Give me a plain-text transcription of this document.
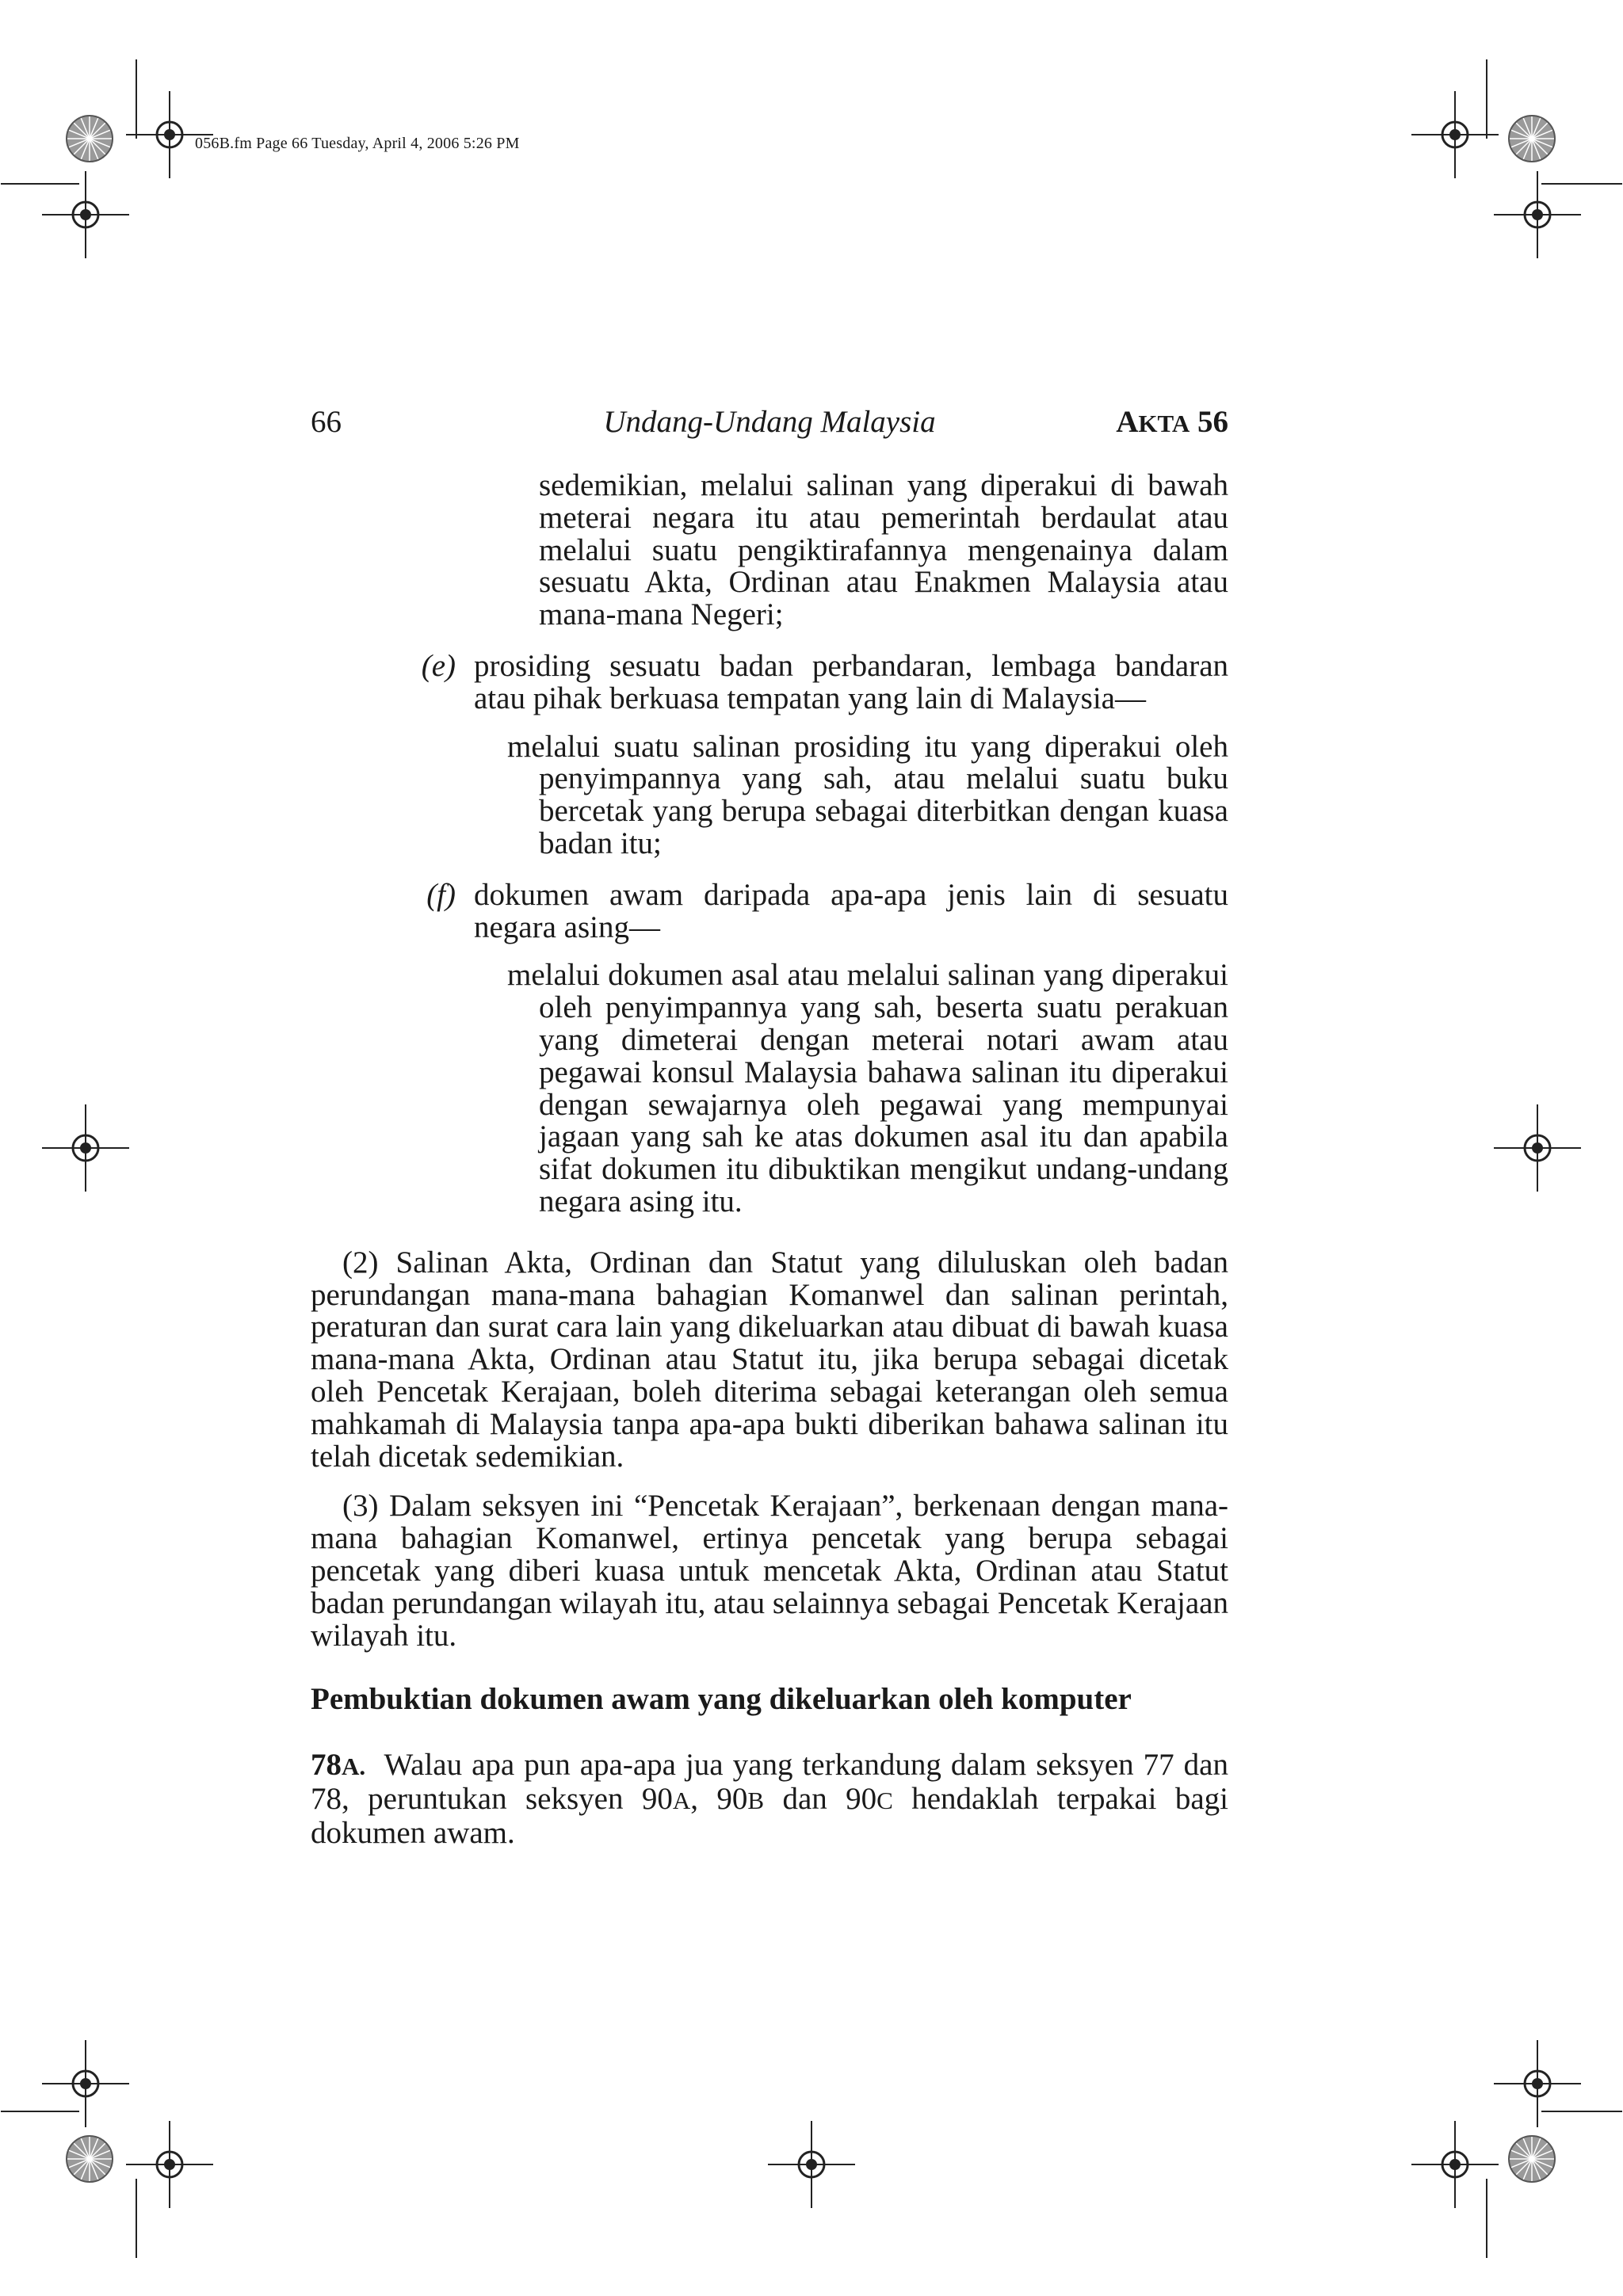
056B.fm Page 66 Tuesday, April 4, 2006 5:26 PM
66	Undang-Undang Malaysia	AKTA 56

sedemikian, melalui salinan yang diperakui di bawah meterai negara itu atau pemerintah berdaulat atau melalui suatu pengiktirafannya mengenainya dalam sesuatu Akta, Ordinan atau Enakmen Malaysia atau mana-mana Negeri;

(e) prosiding sesuatu badan perbandaran, lembaga bandaran atau pihak berkuasa tempatan yang lain di Malaysia—

melalui suatu salinan prosiding itu yang diperakui oleh penyimpannya yang sah, atau melalui suatu buku bercetak yang berupa sebagai diterbitkan dengan kuasa badan itu;

(f) dokumen awam daripada apa-apa jenis lain di sesuatu negara asing—

melalui dokumen asal atau melalui salinan yang diperakui oleh penyimpannya yang sah, beserta suatu perakuan yang dimeterai dengan meterai notari awam atau pegawai konsul Malaysia bahawa salinan itu diperakui dengan sewajarnya oleh pegawai yang mempunyai jagaan yang sah ke atas dokumen asal itu dan apabila sifat dokumen itu dibuktikan mengikut undang-undang negara asing itu.

(2) Salinan Akta, Ordinan dan Statut yang diluluskan oleh badan perundangan mana-mana bahagian Komanwel dan salinan perintah, peraturan dan surat cara lain yang dikeluarkan atau dibuat di bawah kuasa mana-mana Akta, Ordinan atau Statut itu, jika berupa sebagai dicetak oleh Pencetak Kerajaan, boleh diterima sebagai keterangan oleh semua mahkamah di Malaysia tanpa apa-apa bukti diberikan bahawa salinan itu telah dicetak sedemikian.

(3) Dalam seksyen ini “Pencetak Kerajaan”, berkenaan dengan mana-mana bahagian Komanwel, ertinya pencetak yang berupa sebagai pencetak yang diberi kuasa untuk mencetak Akta, Ordinan atau Statut badan perundangan wilayah itu, atau selainnya sebagai Pencetak Kerajaan wilayah itu.

Pembuktian dokumen awam yang dikeluarkan oleh komputer

78A. Walau apa pun apa-apa jua yang terkandung dalam seksyen 77 dan 78, peruntukan seksyen 90A, 90B dan 90C hendaklah terpakai bagi dokumen awam.
